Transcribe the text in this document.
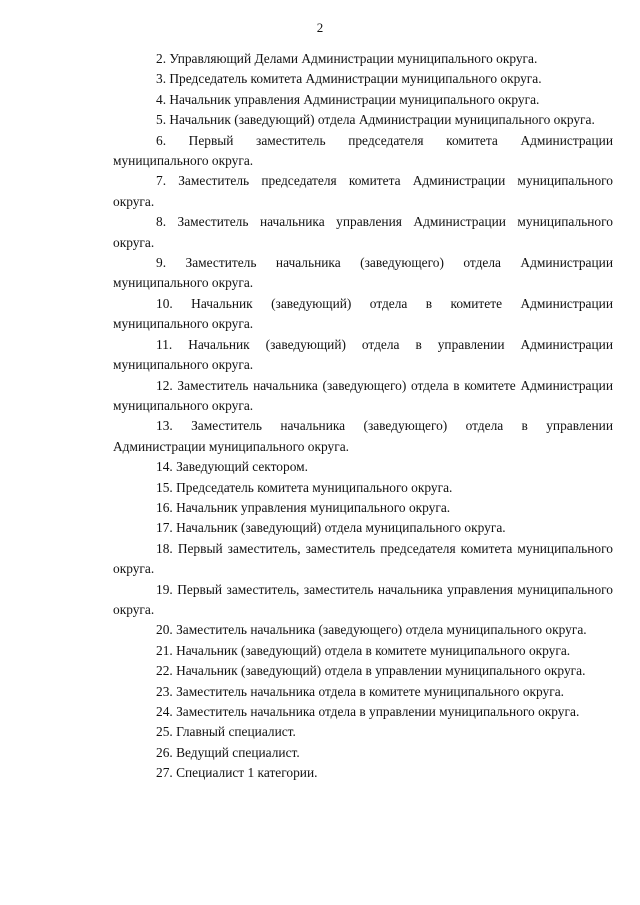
2

2. Управляющий Делами Администрации муниципального округа.

3. Председатель комитета Администрации муниципального округа.

4. Начальник управления Администрации муниципального округа.

5. Начальник (заведующий) отдела Администрации муниципального округа.

6. Первый заместитель председателя комитета Администрации муниципального округа.

7. Заместитель председателя комитета Администрации муниципального округа.

8. Заместитель начальника управления Администрации муниципального округа.

9. Заместитель начальника (заведующего) отдела Администрации муниципального округа.

10. Начальник (заведующий) отдела в комитете Администрации муниципального округа.

11. Начальник (заведующий) отдела в управлении Администрации муниципального округа.

12. Заместитель начальника (заведующего) отдела в комитете Администрации муниципального округа.

13. Заместитель начальника (заведующего) отдела в управлении Администрации муниципального округа.

14. Заведующий сектором.

15. Председатель комитета муниципального округа.

16. Начальник управления муниципального округа.

17. Начальник (заведующий) отдела муниципального округа.

18. Первый заместитель, заместитель председателя комитета муниципального округа.

19. Первый заместитель, заместитель начальника управления муниципального округа.

20. Заместитель начальника (заведующего) отдела муниципального округа.

21. Начальник (заведующий) отдела в комитете муниципального округа.

22. Начальник (заведующий) отдела в управлении муниципального округа.

23. Заместитель начальника отдела в комитете муниципального округа.

24. Заместитель начальника отдела в управлении муниципального округа.

25. Главный специалист.

26. Ведущий специалист.

27. Специалист 1 категории.
